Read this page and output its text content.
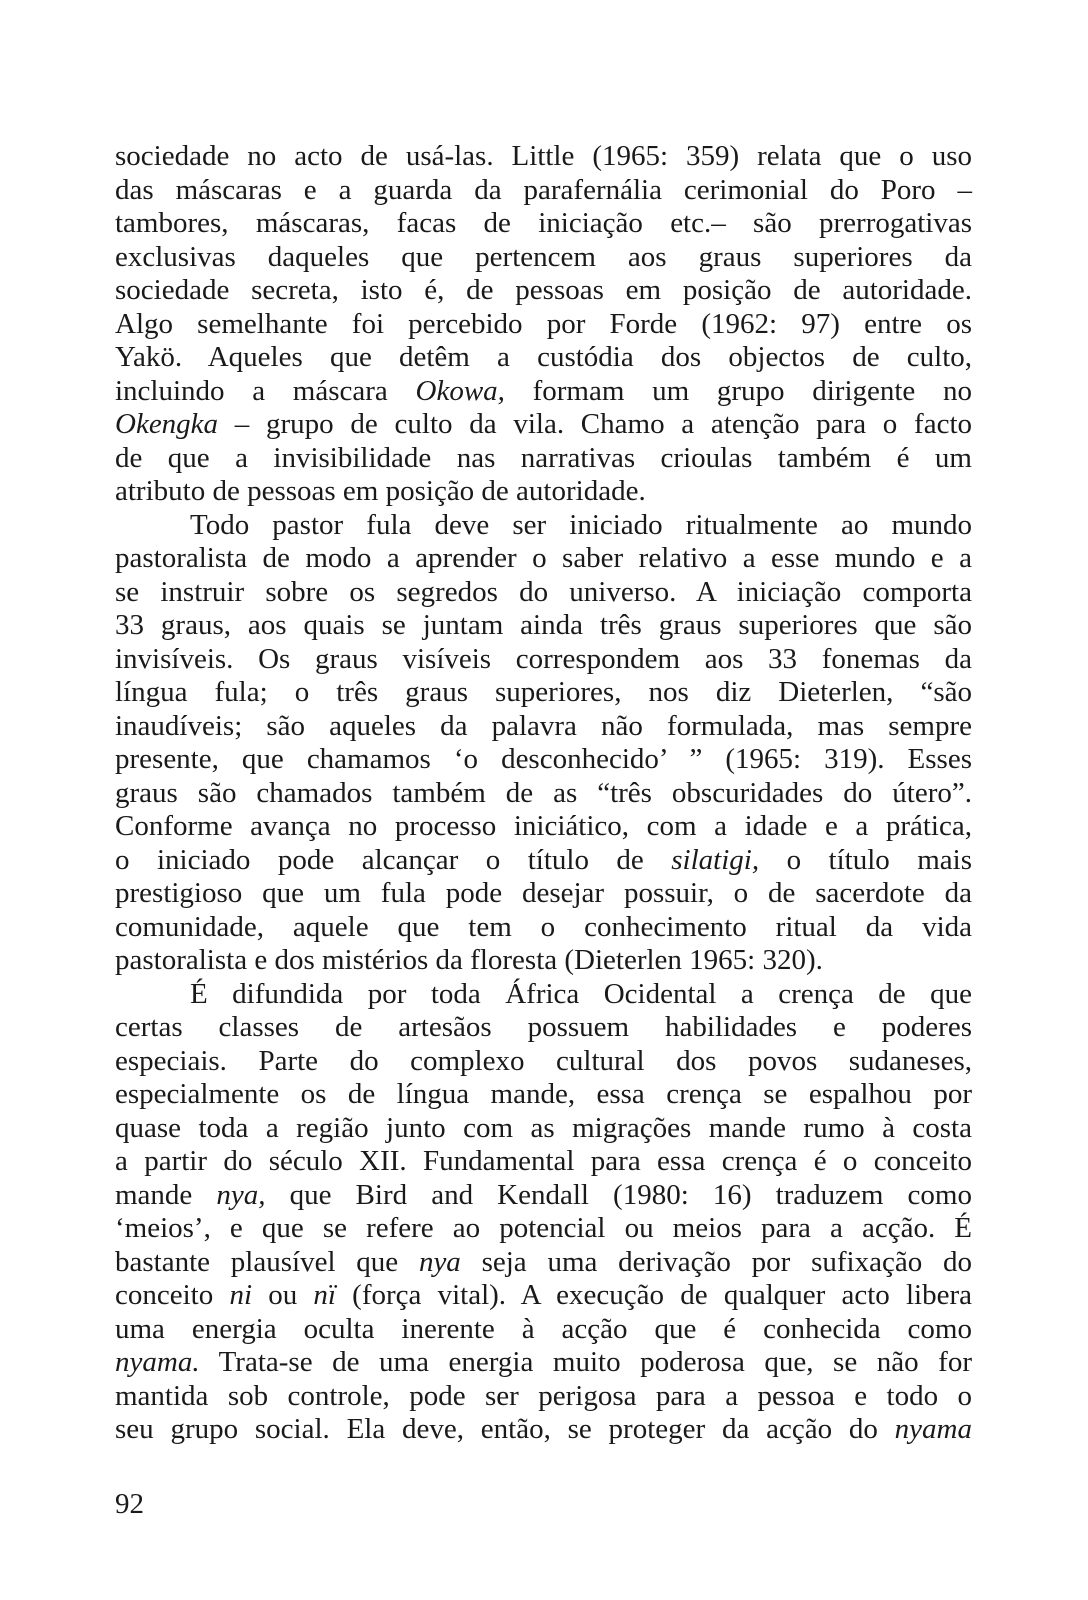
sociedade no acto de usá-las. Little (1965: 359) relata que o uso
das máscaras e a guarda da parafernália cerimonial do Poro –
tambores, máscaras, facas de iniciação etc.– são prerrogativas
exclusivas daqueles que pertencem aos graus superiores da
sociedade secreta, isto é, de pessoas em posição de autoridade.
Algo semelhante foi percebido por Forde (1962: 97) entre os
Yakö. Aqueles que detêm a custódia dos objectos de culto,
incluindo a máscara Okowa, formam um grupo dirigente no
Okengka – grupo de culto da vila. Chamo a atenção para o facto
de que a invisibilidade nas narrativas crioulas também é um
atributo de pessoas em posição de autoridade.
Todo pastor fula deve ser iniciado ritualmente ao mundo
pastoralista de modo a aprender o saber relativo a esse mundo e a
se instruir sobre os segredos do universo. A iniciação comporta
33 graus, aos quais se juntam ainda três graus superiores que são
invisíveis. Os graus visíveis correspondem aos 33 fonemas da
língua fula; o três graus superiores, nos diz Dieterlen, “são
inaudíveis; são aqueles da palavra não formulada, mas sempre
presente, que chamamos ‘o desconhecido’ ” (1965: 319). Esses
graus são chamados também de as “três obscuridades do útero”.
Conforme avança no processo iniciático, com a idade e a prática,
o iniciado pode alcançar o título de silatigi, o título mais
prestigioso que um fula pode desejar possuir, o de sacerdote da
comunidade, aquele que tem o conhecimento ritual da vida
pastoralista e dos mistérios da floresta (Dieterlen 1965: 320).
É difundida por toda África Ocidental a crença de que
certas classes de artesãos possuem habilidades e poderes
especiais. Parte do complexo cultural dos povos sudaneses,
especialmente os de língua mande, essa crença se espalhou por
quase toda a região junto com as migrações mande rumo à costa
a partir do século XII. Fundamental para essa crença é o conceito
mande nya, que Bird and Kendall (1980: 16) traduzem como
‘meios’, e que se refere ao potencial ou meios para a acção. É
bastante plausível que nya seja uma derivação por sufixação do
conceito ni ou nï (força vital). A execução de qualquer acto libera
uma energia oculta inerente à acção que é conhecida como
nyama. Trata-se de uma energia muito poderosa que, se não for
mantida sob controle, pode ser perigosa para a pessoa e todo o
seu grupo social. Ela deve, então, se proteger da acção do nyama
92
